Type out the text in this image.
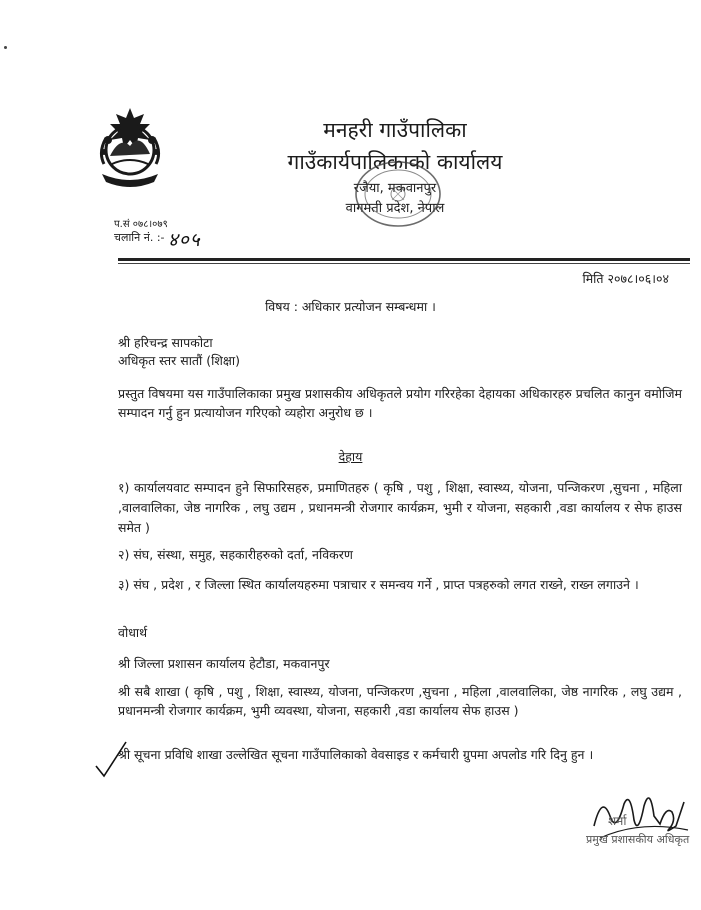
मनहरी गाउँपालिका
गाउँकार्यपालिकाको कार्यालय
रजैया, मकवानपुर
वागमती प्रदेश, नेपाल
प.सं ०७८।०७९
चलानि नं. :- ४०५
मिति २०७८।०६।०४
विषय : अधिकार प्रत्योजन सम्बन्धमा ।
श्री हरिचन्द्र सापकोटा
अधिकृत स्तर सातौं (शिक्षा)
प्रस्तुत विषयमा यस गाउँपालिकाका प्रमुख प्रशासकीय अधिकृतले प्रयोग गरिरहेका देहायका अधिकारहरु प्रचलित कानुन वमोजिम सम्पादन गर्नु हुन प्रत्यायोजन गरिएको व्यहोरा अनुरोध छ ।
देहाय
१) कार्यालयवाट सम्पादन हुने सिफारिसहरु, प्रमाणितहरु ( कृषि , पशु , शिक्षा, स्वास्थ्य, योजना, पन्जिकरण ,सुचना , महिला ,वालवालिका, जेष्ठ नागरिक , लघु उद्यम , प्रधानमन्त्री रोजगार कार्यक्रम, भुमी र योजना, सहकारी ,वडा कार्यालय र सेफ हाउस समेत )
२) संघ, संस्था, समुह, सहकारीहरुको दर्ता, नविकरण
३) संघ , प्रदेश , र जिल्ला स्थित कार्यालयहरुमा पत्राचार र समन्वय गर्ने , प्राप्त पत्रहरुको लगत राख्ने, राख्न लगाउने ।
वोधार्थ
श्री जिल्ला प्रशासन कार्यालय हेटौडा, मकवानपुर
श्री सबै शाखा ( कृषि , पशु , शिक्षा, स्वास्थ्य, योजना, पन्जिकरण ,सुचना , महिला ,वालवालिका, जेष्ठ नागरिक , लघु उद्यम , प्रधानमन्त्री रोजगार कार्यक्रम, भुमी व्यवस्था, योजना, सहकारी ,वडा कार्यालय सेफ हाउस )
श्री सूचना प्रविधि शाखा उल्लेखित सूचना गाउँपालिकाको वेवसाइड र कर्मचारी ग्रुपमा अपलोड गरि दिनु हुन ।
शर्मा
प्रमुख प्रशासकीय अधिकृत
